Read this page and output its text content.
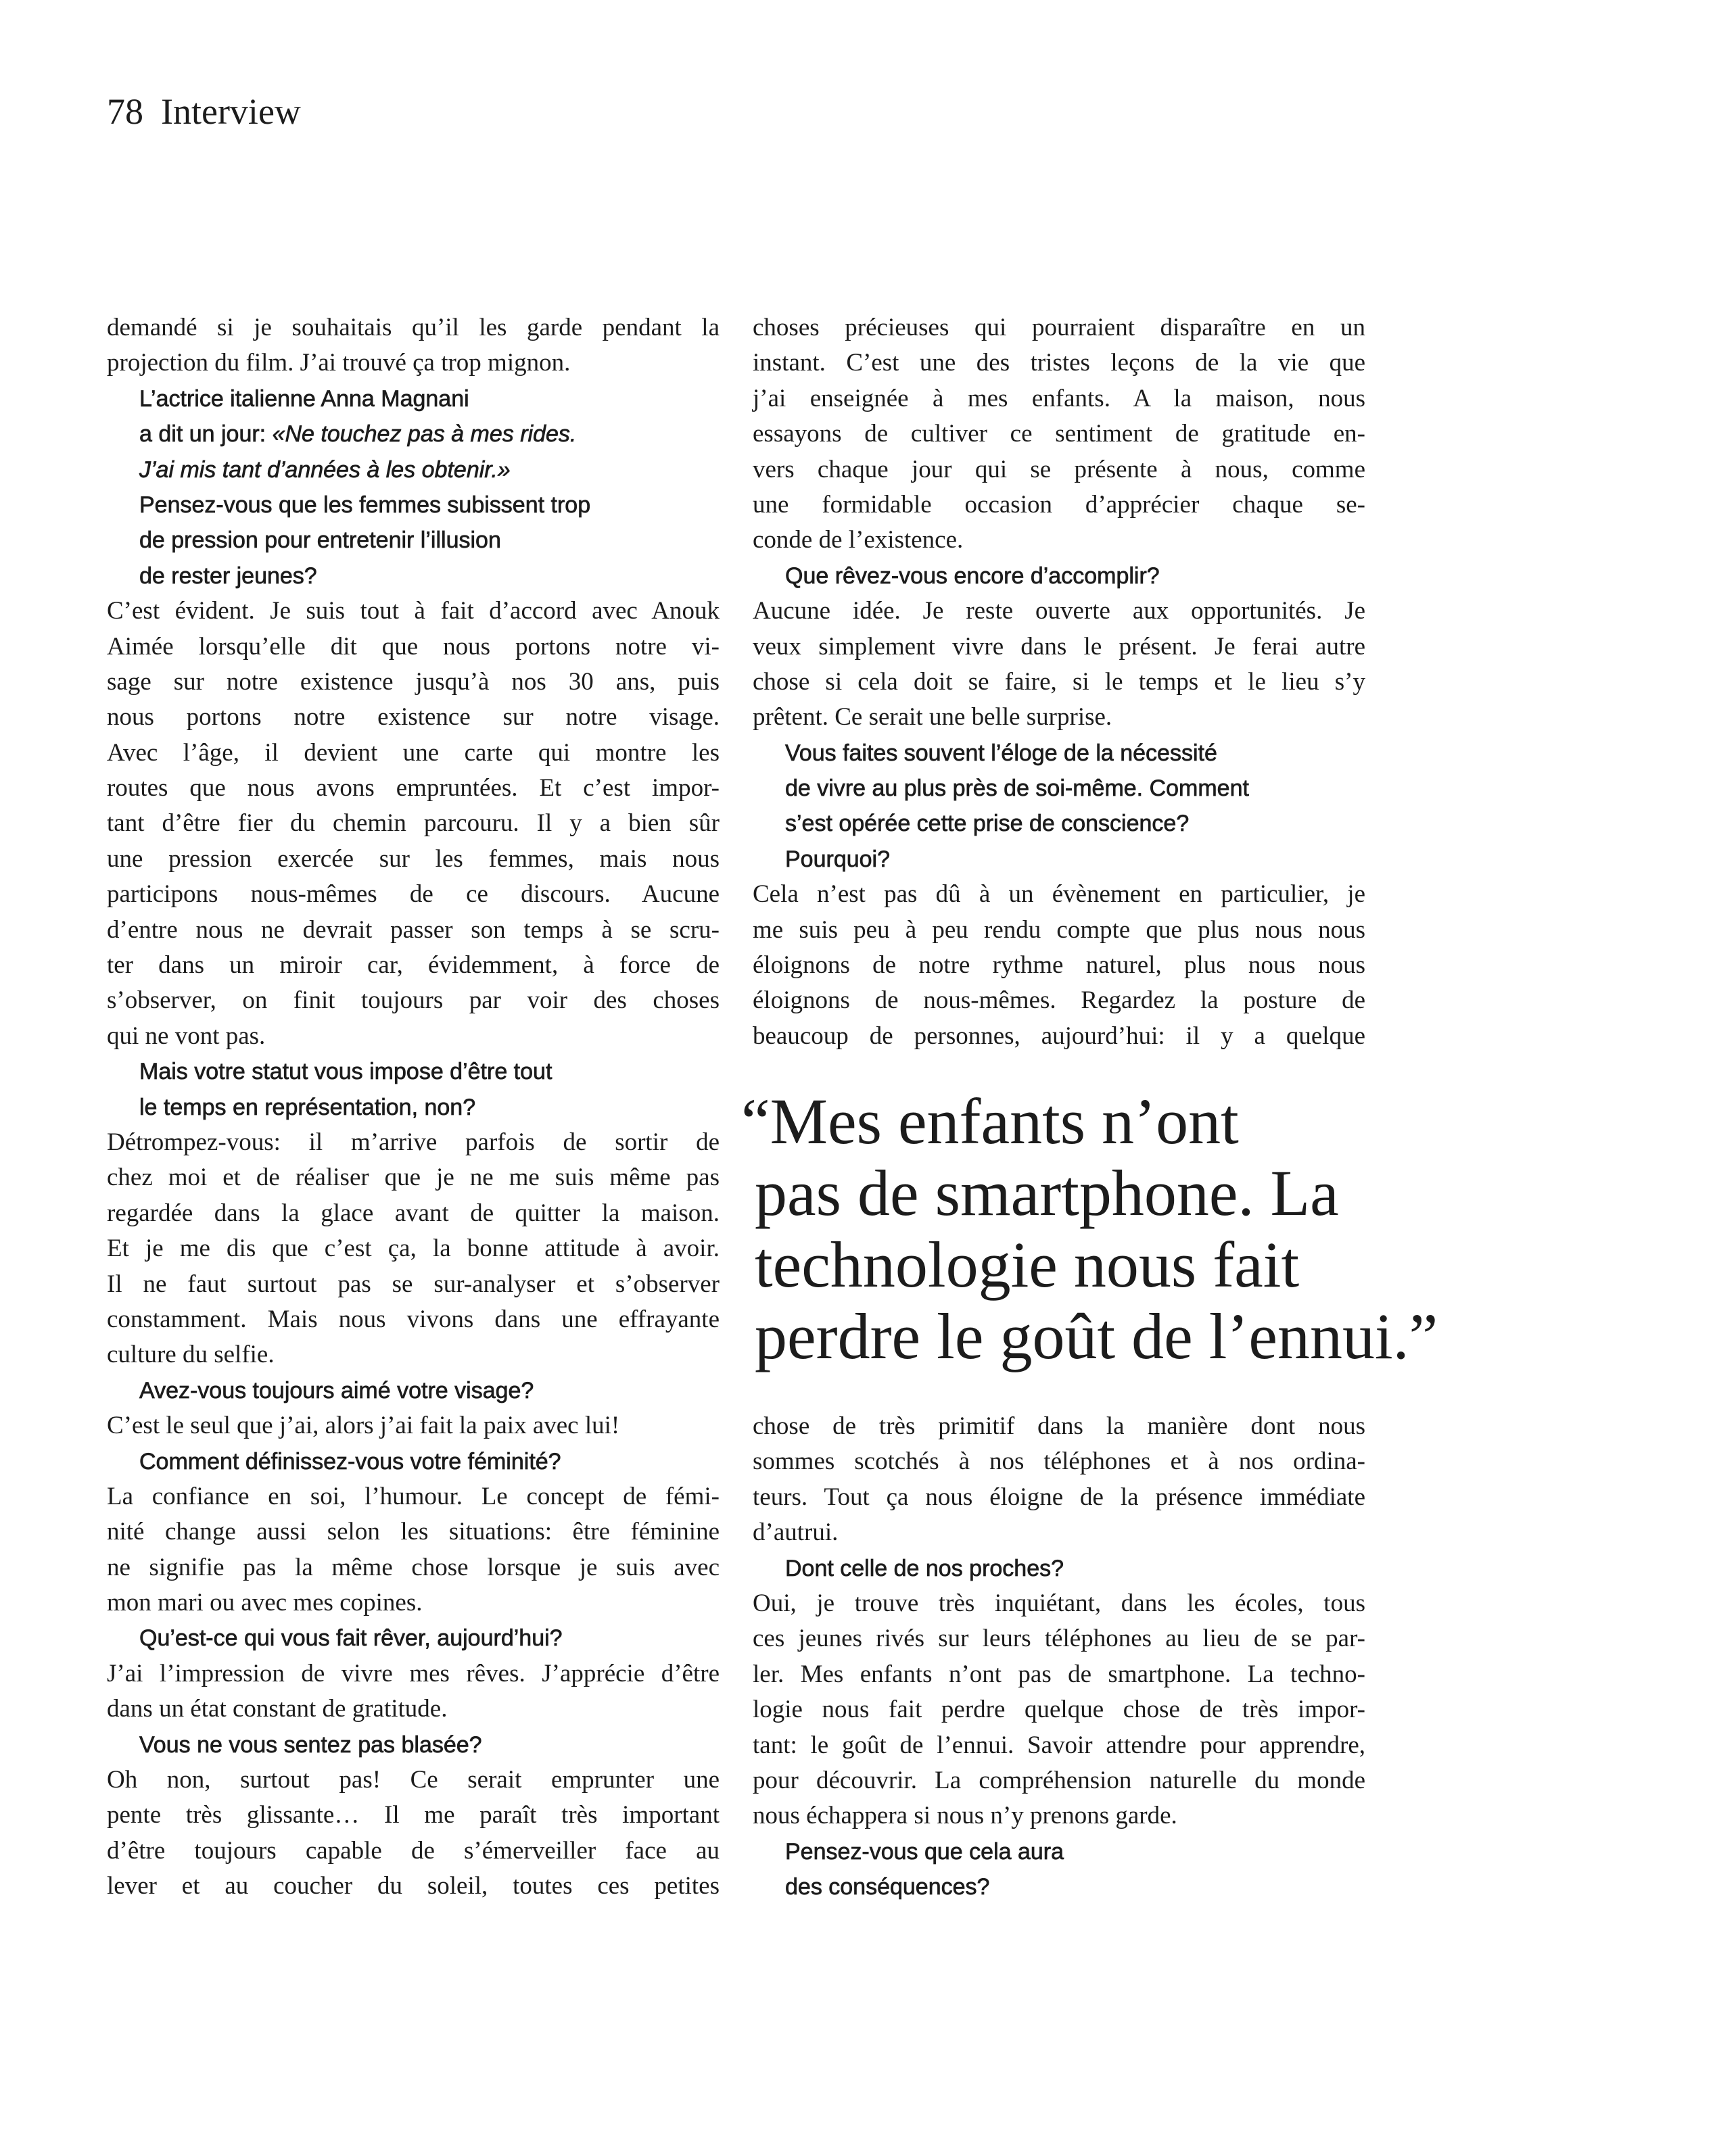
78 Interview
demandé si je souhaitais qu’il les garde pendant la
projection du film. J’ai trouvé ça trop mignon.
L’actrice italienne Anna Magnani
a dit un jour: «Ne touchez pas à mes rides.
J’ai mis tant d’années à les obtenir.»
Pensez-vous que les femmes subissent trop
de pression pour entretenir l’illusion
de rester jeunes?
C’est évident. Je suis tout à fait d’accord avec Anouk
Aimée lorsqu’elle dit que nous portons notre vi-
sage sur notre existence jusqu’à nos 30 ans, puis
nous portons notre existence sur notre visage.
Avec l’âge, il devient une carte qui montre les
routes que nous avons empruntées. Et c’est impor-
tant d’être fier du chemin parcouru. Il y a bien sûr
une pression exercée sur les femmes, mais nous
participons nous-mêmes de ce discours. Aucune
d’entre nous ne devrait passer son temps à se scru-
ter dans un miroir car, évidemment, à force de
s’observer, on finit toujours par voir des choses
qui ne vont pas.
Mais votre statut vous impose d’être tout
le temps en représentation, non?
Détrompez-vous: il m’arrive parfois de sortir de
chez moi et de réaliser que je ne me suis même pas
regardée dans la glace avant de quitter la maison.
Et je me dis que c’est ça, la bonne attitude à avoir.
Il ne faut surtout pas se sur-analyser et s’observer
constamment. Mais nous vivons dans une effrayante
culture du selfie.
Avez-vous toujours aimé votre visage?
C’est le seul que j’ai, alors j’ai fait la paix avec lui!
Comment définissez-vous votre féminité?
La confiance en soi, l’humour. Le concept de fémi-
nité change aussi selon les situations: être féminine
ne signifie pas la même chose lorsque je suis avec
mon mari ou avec mes copines.
Qu’est-ce qui vous fait rêver, aujourd’hui?
J’ai l’impression de vivre mes rêves. J’apprécie d’être
dans un état constant de gratitude.
Vous ne vous sentez pas blasée?
Oh non, surtout pas! Ce serait emprunter une
pente très glissante… Il me paraît très important
d’être toujours capable de s’émerveiller face au
lever et au coucher du soleil, toutes ces petites
choses précieuses qui pourraient disparaître en un
instant. C’est une des tristes leçons de la vie que
j’ai enseignée à mes enfants. A la maison, nous
essayons de cultiver ce sentiment de gratitude en-
vers chaque jour qui se présente à nous, comme
une formidable occasion d’apprécier chaque se-
conde de l’existence.
Que rêvez-vous encore d’accomplir?
Aucune idée. Je reste ouverte aux opportunités. Je
veux simplement vivre dans le présent. Je ferai autre
chose si cela doit se faire, si le temps et le lieu s’y
prêtent. Ce serait une belle surprise.
Vous faites souvent l’éloge de la nécessité
de vivre au plus près de soi-même. Comment
s’est opérée cette prise de conscience?
Pourquoi?
Cela n’est pas dû à un évènement en particulier, je
me suis peu à peu rendu compte que plus nous nous
éloignons de notre rythme naturel, plus nous nous
éloignons de nous-mêmes. Regardez la posture de
beaucoup de personnes, aujourd’hui: il y a quelque
“Mes enfants n’ont
pas de smartphone. La
technologie nous fait
perdre le goût de l’ennui.”
chose de très primitif dans la manière dont nous
sommes scotchés à nos téléphones et à nos ordina-
teurs. Tout ça nous éloigne de la présence immédiate
d’autrui.
Dont celle de nos proches?
Oui, je trouve très inquiétant, dans les écoles, tous
ces jeunes rivés sur leurs téléphones au lieu de se par-
ler. Mes enfants n’ont pas de smartphone. La techno-
logie nous fait perdre quelque chose de très impor-
tant: le goût de l’ennui. Savoir attendre pour apprendre,
pour découvrir. La compréhension naturelle du monde
nous échappera si nous n’y prenons garde.
Pensez-vous que cela aura
des conséquences?
